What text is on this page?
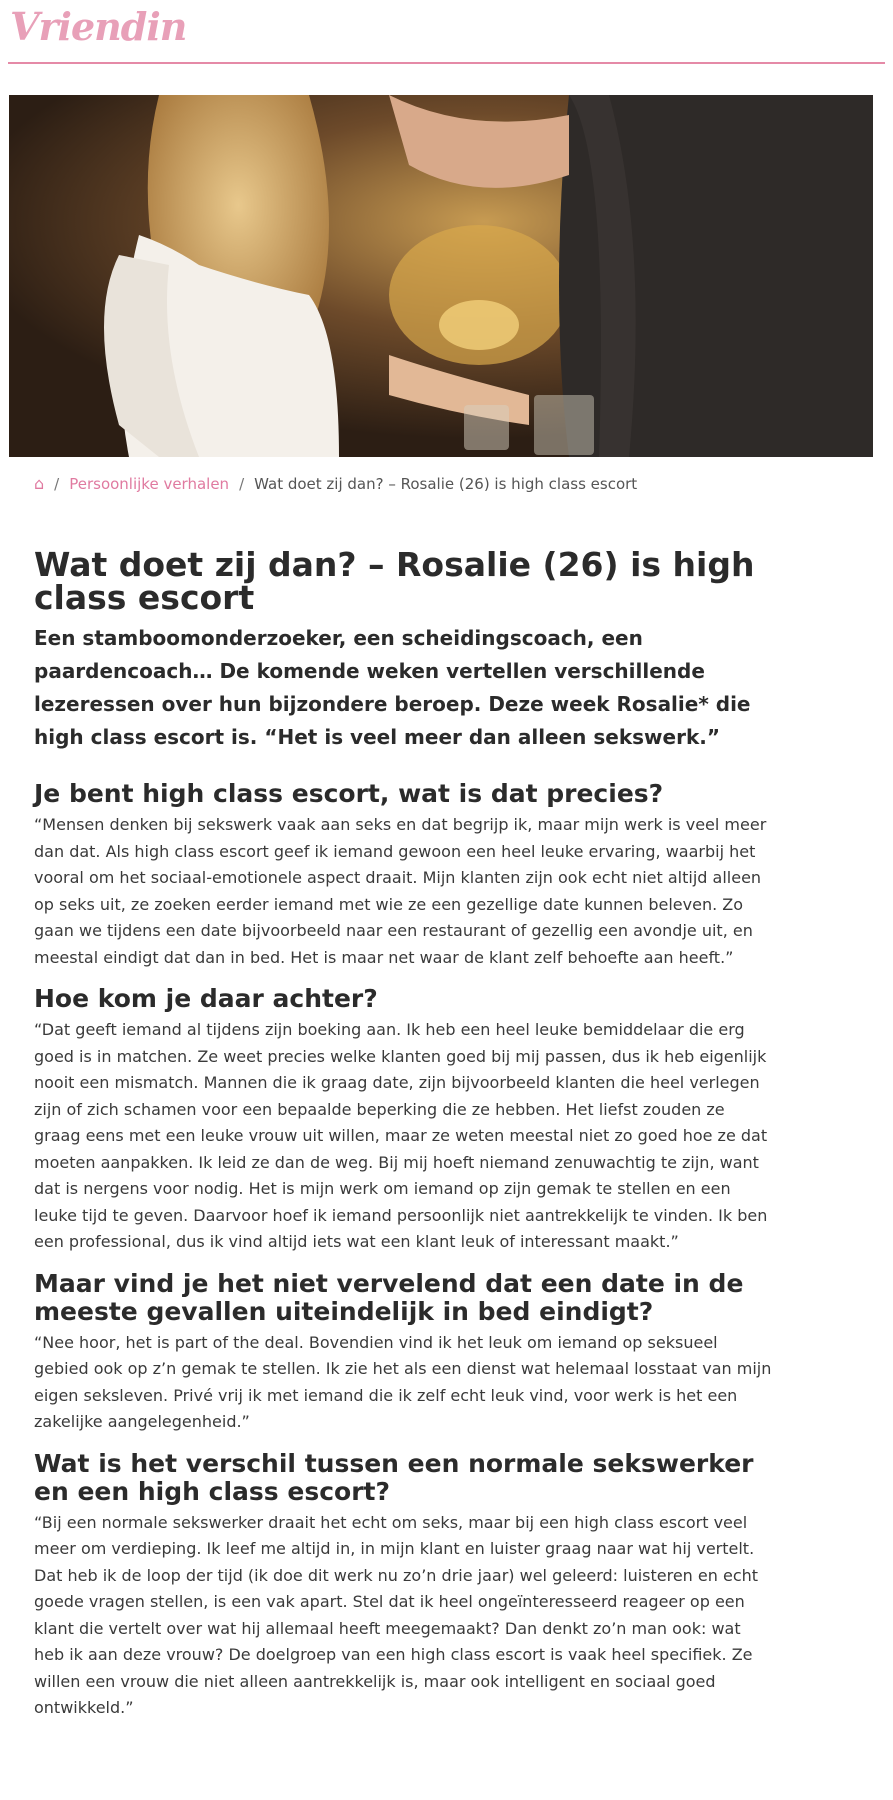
Vriendin
⌂ / Persoonlijke verhalen / Wat doet zij dan? – Rosalie (26) is high class escort
Wat doet zij dan? – Rosalie (26) is high class escort

Een stamboomonderzoeker, een scheidingscoach, een paardencoach… De komende weken vertellen verschillende lezeressen over hun bijzondere beroep. Deze week Rosalie* die high class escort is. “Het is veel meer dan alleen sekswerk.”

Je bent high class escort, wat is dat precies?

“Mensen denken bij sekswerk vaak aan seks en dat begrijp ik, maar mijn werk is veel meer dan dat. Als high class escort geef ik iemand gewoon een heel leuke ervaring, waarbij het vooral om het sociaal-emotionele aspect draait. Mijn klanten zijn ook echt niet altijd alleen op seks uit, ze zoeken eerder iemand met wie ze een gezellige date kunnen beleven. Zo gaan we tijdens een date bijvoorbeeld naar een restaurant of gezellig een avondje uit, en meestal eindigt dat dan in bed. Het is maar net waar de klant zelf behoefte aan heeft.”

Hoe kom je daar achter?

“Dat geeft iemand al tijdens zijn boeking aan. Ik heb een heel leuke bemiddelaar die erg goed is in matchen. Ze weet precies welke klanten goed bij mij passen, dus ik heb eigenlijk nooit een mismatch. Mannen die ik graag date, zijn bijvoorbeeld klanten die heel verlegen zijn of zich schamen voor een bepaalde beperking die ze hebben. Het liefst zouden ze graag eens met een leuke vrouw uit willen, maar ze weten meestal niet zo goed hoe ze dat moeten aanpakken. Ik leid ze dan de weg. Bij mij hoeft niemand zenuwachtig te zijn, want dat is nergens voor nodig. Het is mijn werk om iemand op zijn gemak te stellen en een leuke tijd te geven. Daarvoor hoef ik iemand persoonlijk niet aantrekkelijk te vinden. Ik ben een professional, dus ik vind altijd iets wat een klant leuk of interessant maakt.”

Maar vind je het niet vervelend dat een date in de meeste gevallen uiteindelijk in bed eindigt?

“Nee hoor, het is part of the deal. Bovendien vind ik het leuk om iemand op seksueel gebied ook op z’n gemak te stellen. Ik zie het als een dienst wat helemaal losstaat van mijn eigen seksleven. Privé vrij ik met iemand die ik zelf echt leuk vind, voor werk is het een zakelijke aangelegenheid.”

Wat is het verschil tussen een normale sekswerker en een high class escort?

“Bij een normale sekswerker draait het echt om seks, maar bij een high class escort veel meer om verdieping. Ik leef me altijd in, in mijn klant en luister graag naar wat hij vertelt. Dat heb ik de loop der tijd (ik doe dit werk nu zo’n drie jaar) wel geleerd: luisteren en echt goede vragen stellen, is een vak apart. Stel dat ik heel ongeïnteresseerd reageer op een klant die vertelt over wat hij allemaal heeft meegemaakt? Dan denkt zo’n man ook: wat heb ik aan deze vrouw? De doelgroep van een high class escort is vaak heel specifiek. Ze willen een vrouw die niet alleen aantrekkelijk is, maar ook intelligent en sociaal goed ontwikkeld.”
